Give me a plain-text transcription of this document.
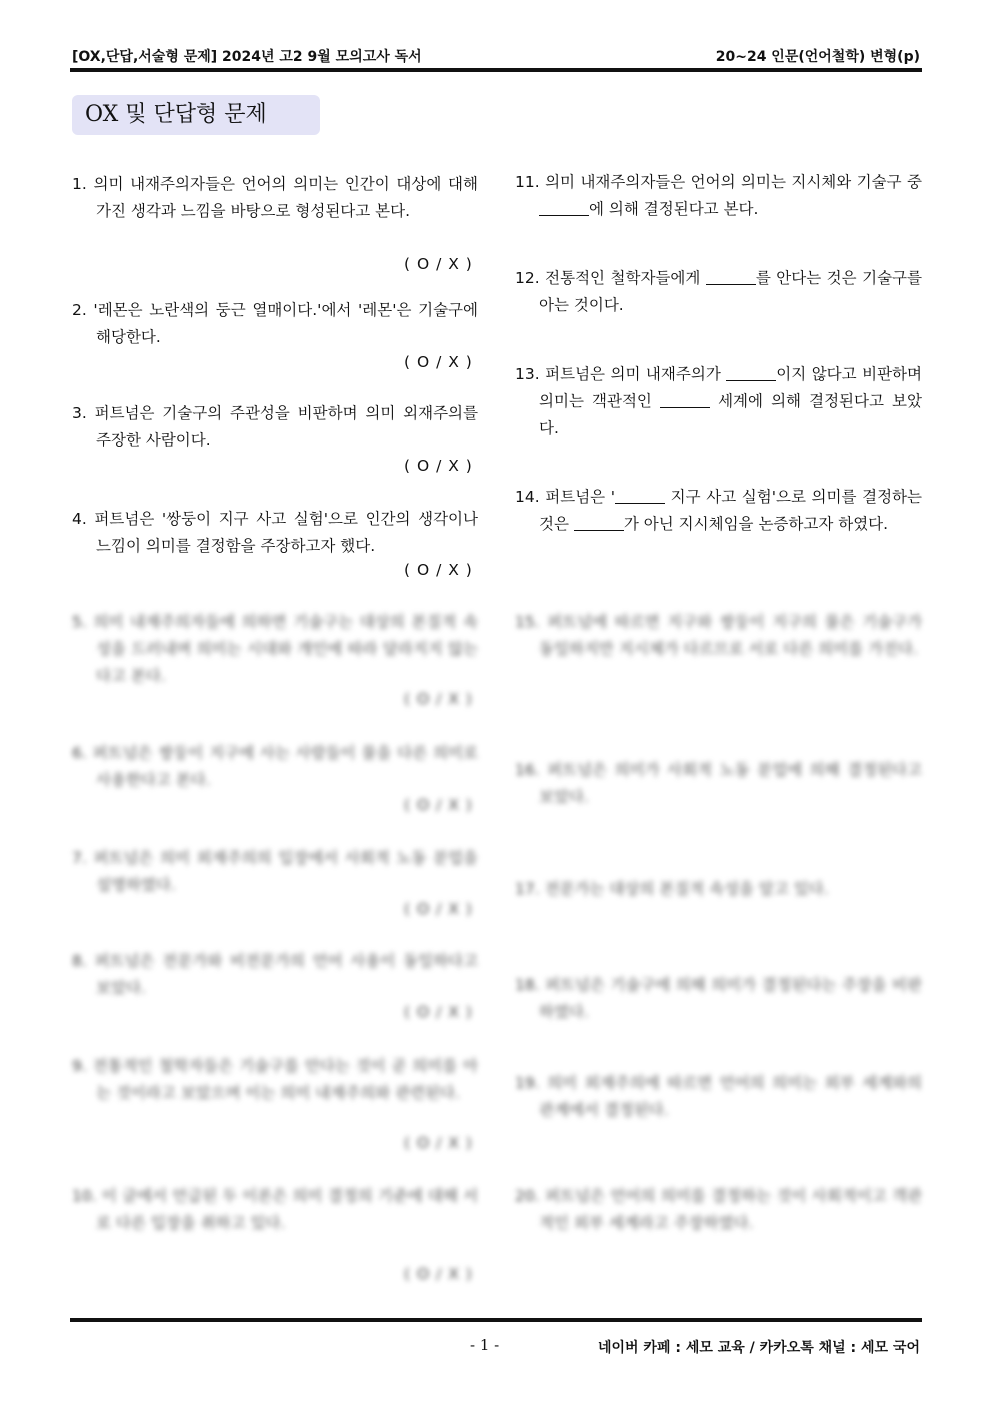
[OX,단답,서술형 문제] 2024년 고2 9월 모의고사 독서	20~24 인문(언어철학) 변형(p)
OX 및 단답형 문제
1. 의미 내재주의자들은 언어의 의미는 인간이 대상에 대해 가진 생각과 느낌을 바탕으로 형성된다고 본다.
( O / X )
2. '레몬은 노란색의 둥근 열매이다.'에서 '레몬'은 기술구에 해당한다.
( O / X )
3. 퍼트넘은 기술구의 주관성을 비판하며 의미 외재주의를 주장한 사람이다.
( O / X )
4. 퍼트넘은 '쌍둥이 지구 사고 실험'으로 인간의 생각이나 느낌이 의미를 결정함을 주장하고자 했다.
( O / X )
11. 의미 내재주의자들은 언어의 의미는 지시체와 기술구 중 에 의해 결정된다고 본다.
12. 전통적인 철학자들에게	를 안다는 것은 기술구를 아는 것이다.
13. 퍼트넘은 의미 내재주의가	이지 않다고 비판하며 의미는 객관적인	세계에 의해 결정된다고 보았다.
14. 퍼트넘은 '	지구 사고 실험'으로 의미를 결정하는 것은	가 아닌 지시체임을 논증하고자 하였다.
5. 의미 내재주의자들에 의하면 기술구는 대상의 본질적 속성을 드러내며 의미는 시대와 개인에 따라 달라지지 않는다고 본다.
( O / X )
6. 퍼트넘은 쌍둥이 지구에 사는 사람들이 물을 다른 의미로 사용한다고 본다.
( O / X )
7. 퍼트넘은 의미 외재주의의 입장에서 사회적 노동 분업을 설명하였다.
( O / X )
8. 퍼트넘은 전문가와 비전문가의 언어 사용이 동일하다고 보았다.
( O / X )
9. 전통적인 철학자들은 기술구를 안다는 것이 곧 의미를 아는 것이라고 보았으며 이는 의미 내재주의와 관련된다.
( O / X )
10. 이 글에서 언급된 두 이론은 의미 결정의 기준에 대해 서로 다른 입장을 취하고 있다.
( O / X )
15. 퍼트넘에 따르면 지구와 쌍둥이 지구의 물은 기술구가 동일하지만 지시체가 다르므로 서로 다른 의미를 가진다.
16. 퍼트넘은 의미가 사회적 노동 분업에 의해 결정된다고 보았다.
17. 전문가는 대상의 본질적 속성을 알고 있다.
18. 퍼트넘은 기술구에 의해 의미가 결정된다는 주장을 비판하였다.
19. 의미 외재주의에 따르면 언어의 의미는 외부 세계와의 관계에서 결정된다.
20. 퍼트넘은 언어의 의미를 결정하는 것이 사회적이고 객관적인 외부 세계라고 주장하였다.
- 1 -	네이버 카페 : 세모 교육 / 카카오톡 채널 : 세모 국어
